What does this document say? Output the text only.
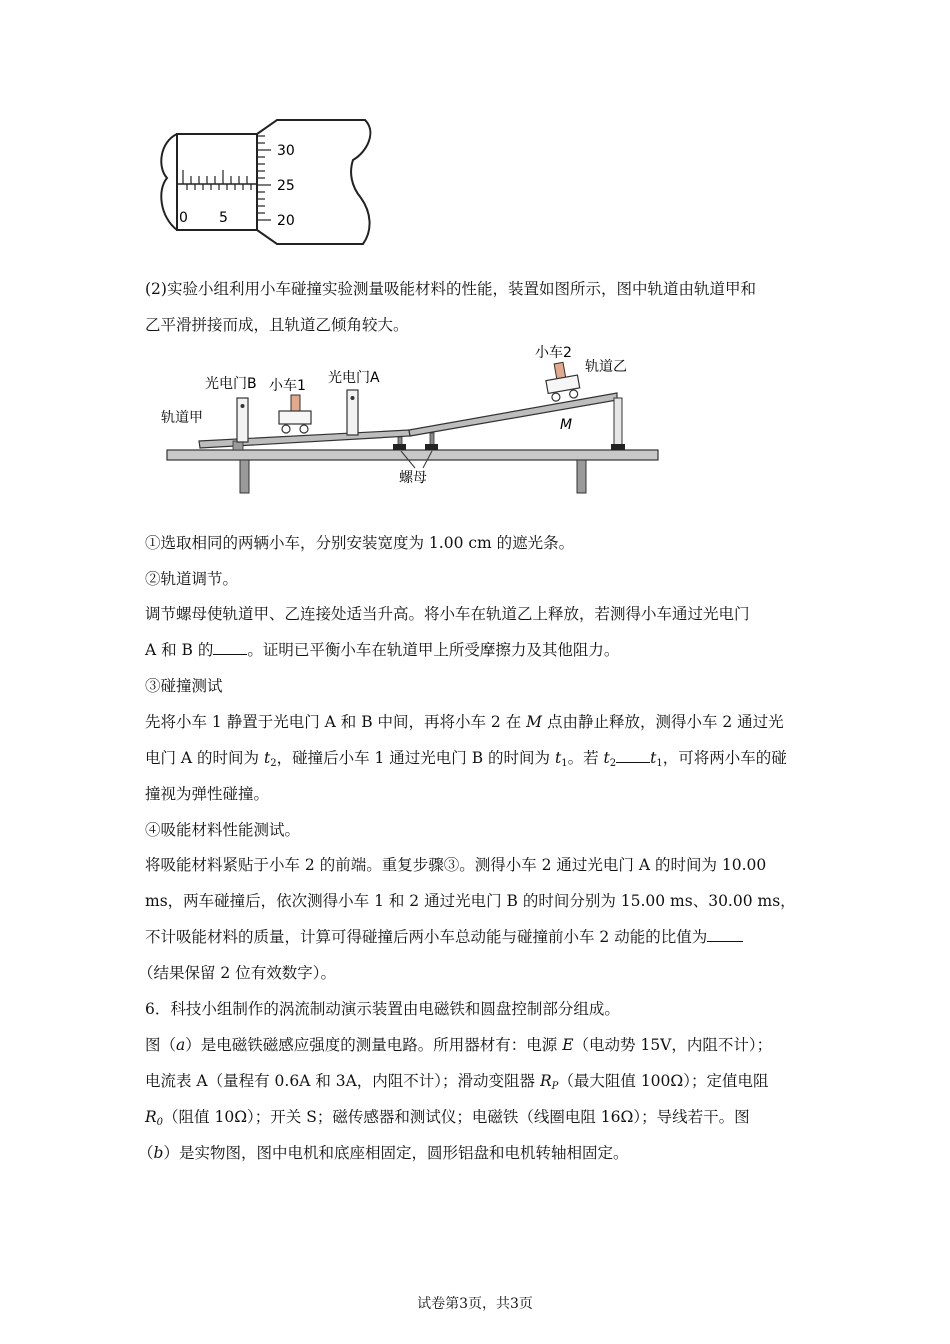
0 5
30
25
20
(2)实验小组利用小车碰撞实验测量吸能材料的性能，装置如图所示，图中轨道由轨道甲和
乙平滑拼接而成，且轨道乙倾角较大。
光电门B 小车1 光电门A
小车2
轨道乙
轨道甲	M
螺母
①选取相同的两辆小车，分别安装宽度为 1.00 cm 的遮光条。
②轨道调节。
调节螺母使轨道甲、乙连接处适当升高。将小车在轨道乙上释放，若测得小车通过光电门
A 和 B 的 。证明已平衡小车在轨道甲上所受摩擦力及其他阻力。
③碰撞测试
先将小车 1 静置于光电门 A 和 B 中间，再将小车 2 在 M 点由静止释放，测得小车 2 通过光
电门 A 的时间为 $t_2$，碰撞后小车 1 通过光电门 B 的时间为 $t_1$。若 $t_2$ $t_1$，可将两小车的碰
撞视为弹性碰撞。
④吸能材料性能测试。
将吸能材料紧贴于小车 2 的前端。重复步骤③。测得小车 2 通过光电门 A 的时间为 10.00
ms，两车碰撞后，依次测得小车 1 和 2 通过光电门 B 的时间分别为 15.00 ms、30.00 ms，
不计吸能材料的质量，计算可得碰撞后两小车总动能与碰撞前小车 2 动能的比值为
（结果保留 2 位有效数字）。
6．科技小组制作的涡流制动演示装置由电磁铁和圆盘控制部分组成。
图（a）是电磁铁磁感应强度的测量电路。所用器材有：电源 E（电动势 15V，内阻不计）；
电流表 A（量程有 0.6A 和 3A，内阻不计）；滑动变阻器 $R_P$（最大阻值 100Ω）；定值电阻
$R_0$（阻值 10Ω）；开关 S；磁传感器和测试仪；电磁铁（线圈电阻 16Ω）；导线若干。图
（b）是实物图，图中电机和底座相固定，圆形铝盘和电机转轴相固定。
试卷第3页，共3页
